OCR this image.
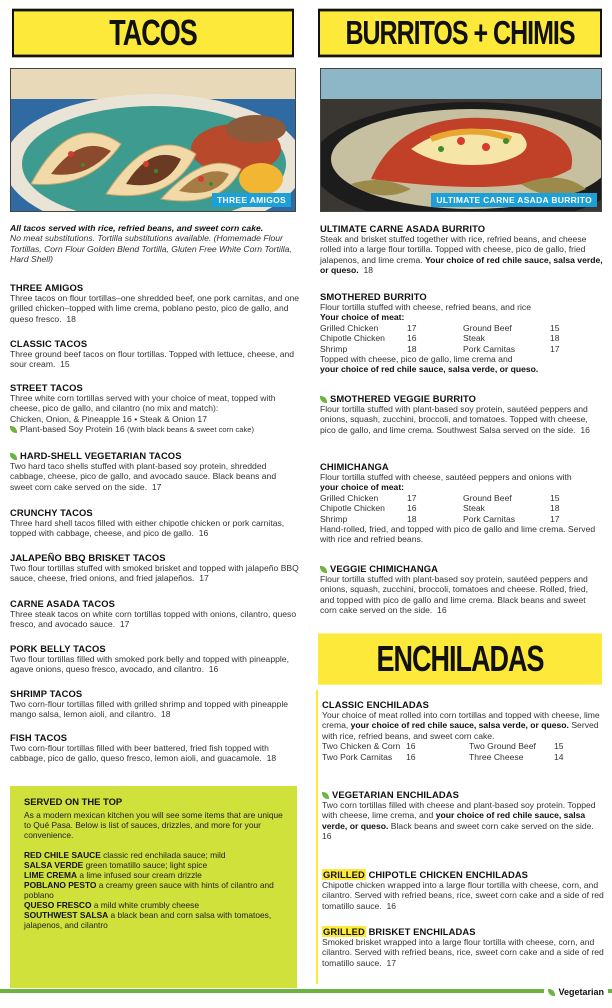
TACOS
THREE AMIGOS
All tacos served with rice, refried beans, and sweet corn cake.
No meat substitutions. Tortilla substitutions available. (Homemade Flour Tortillas, Corn Flour Golden Blend Tortilla, Gluten Free White Corn Tortilla, Hard Shell)
THREE AMIGOS
Three tacos on flour tortillas–one shredded beef, one pork carnitas, and one grilled chicken–topped with lime crema, poblano pesto, pico de gallo, and queso fresco. 18
CLASSIC TACOS
Three ground beef tacos on flour tortillas. Topped with lettuce, cheese, and sour cream. 15
STREET TACOS
Three white corn tortillas served with your choice of meat, topped with cheese, pico de gallo, and cilantro (no mix and match):
Chicken, Onion, & Pineapple 16 • Steak & Onion 17
Plant-based Soy Protein 16 (With black beans & sweet corn cake)
HARD-SHELL VEGETARIAN TACOS
Two hard taco shells stuffed with plant-based soy protein, shredded cabbage, cheese, pico de gallo, and avocado sauce. Black beans and sweet corn cake served on the side. 17
CRUNCHY TACOS
Three hard shell tacos filled with either chipotle chicken or pork carnitas, topped with cabbage, cheese, and pico de gallo. 16
JALAPEÑO BBQ BRISKET TACOS
Two flour tortillas stuffed with smoked brisket and topped with jalapeño BBQ sauce, cheese, fried onions, and fried jalapeños. 17
CARNE ASADA TACOS
Three steak tacos on white corn tortillas topped with onions, cilantro, queso fresco, and avocado sauce. 17
PORK BELLY TACOS
Two flour tortillas filled with smoked pork belly and topped with pineapple, agave onions, queso fresco, avocado, and cilantro. 16
SHRIMP TACOS
Two corn-flour tortillas filled with grilled shrimp and topped with pineapple mango salsa, lemon aioli, and cilantro. 18
FISH TACOS
Two corn-flour tortillas filled with beer battered, fried fish topped with cabbage, pico de gallo, queso fresco, lemon aioli, and guacamole. 18
SERVED ON THE TOP
As a modern mexican kitchen you will see some items that are unique to Qué Pasa. Below is list of sauces, drizzles, and more for your convenience.
RED CHILE SAUCE classic red enchilada sauce; mild
SALSA VERDE green tomatillo sauce; light spice
LIME CREMA a lime infused sour cream drizzle
POBLANO PESTO a creamy green sauce with hints of cilantro and poblano
QUESO FRESCO a mild white crumbly cheese
SOUTHWEST SALSA a black bean and corn salsa with tomatoes, jalapenos, and cilantro
BURRITOS + CHIMIS
ULTIMATE CARNE ASADA BURRITO
ULTIMATE CARNE ASADA BURRITO
Steak and brisket stuffed together with rice, refried beans, and cheese rolled into a large flour tortilla. Topped with cheese, pico de gallo, fried jalapenos, and lime crema. Your choice of red chile sauce, salsa verde, or queso. 18
SMOTHERED BURRITO
Flour tortilla stuffed with cheese, refried beans, and rice
Your choice of meat:
Grilled Chicken	17	Ground Beef	15
Chipotle Chicken	16	Steak	18
Shrimp	18	Pork Carnitas	17
Topped with cheese, pico de gallo, lime crema and
your choice of red chile sauce, salsa verde, or queso.
SMOTHERED VEGGIE BURRITO
Flour tortilla stuffed with plant-based soy protein, sautéed peppers and onions, squash, zucchini, broccoli, and tomatoes. Topped with cheese, pico de gallo, and lime crema. Southwest Salsa served on the side. 16
CHIMICHANGA
Flour tortilla stuffed with cheese, sautéed peppers and onions with
your choice of meat:
Grilled Chicken	17	Ground Beef	15
Chipotle Chicken	16	Steak	18
Shrimp	18	Pork Carnitas	17
Hand-rolled, fried, and topped with pico de gallo and lime crema. Served with rice and refried beans.
VEGGIE CHIMICHANGA
Flour tortilla stuffed with plant-based soy protein, sautéed peppers and onions, squash, zucchini, broccoli, tomatoes and cheese. Rolled, fried, and topped with pico de gallo and lime crema. Black beans and sweet corn cake served on the side. 16
ENCHILADAS
CLASSIC ENCHILADAS
Your choice of meat rolled into corn tortillas and topped with cheese, lime crema, your choice of red chile sauce, salsa verde, or queso. Served with rice, refried beans, and sweet corn cake.
Two Chicken & Corn 16	Two Ground Beef	15
Two Pork Carnitas	16	Three Cheese	14
VEGETARIAN ENCHILADAS
Two corn tortillas filled with cheese and plant-based soy protein. Topped with cheese, lime crema, and your choice of red chile sauce, salsa verde, or queso. Black beans and sweet corn cake served on the side.  16
GRILLED CHIPOTLE CHICKEN ENCHILADAS
Chipotle chicken wrapped into a large flour tortilla with cheese, corn, and cilantro. Served with refried beans, rice, sweet corn cake and a side of red tomatillo sauce. 16
GRILLED BRISKET ENCHILADAS
Smoked brisket wrapped into a large flour tortilla with cheese, corn, and cilantro. Served with refried beans, rice, sweet corn cake and a side of red tomatillo sauce. 17
Vegetarian
